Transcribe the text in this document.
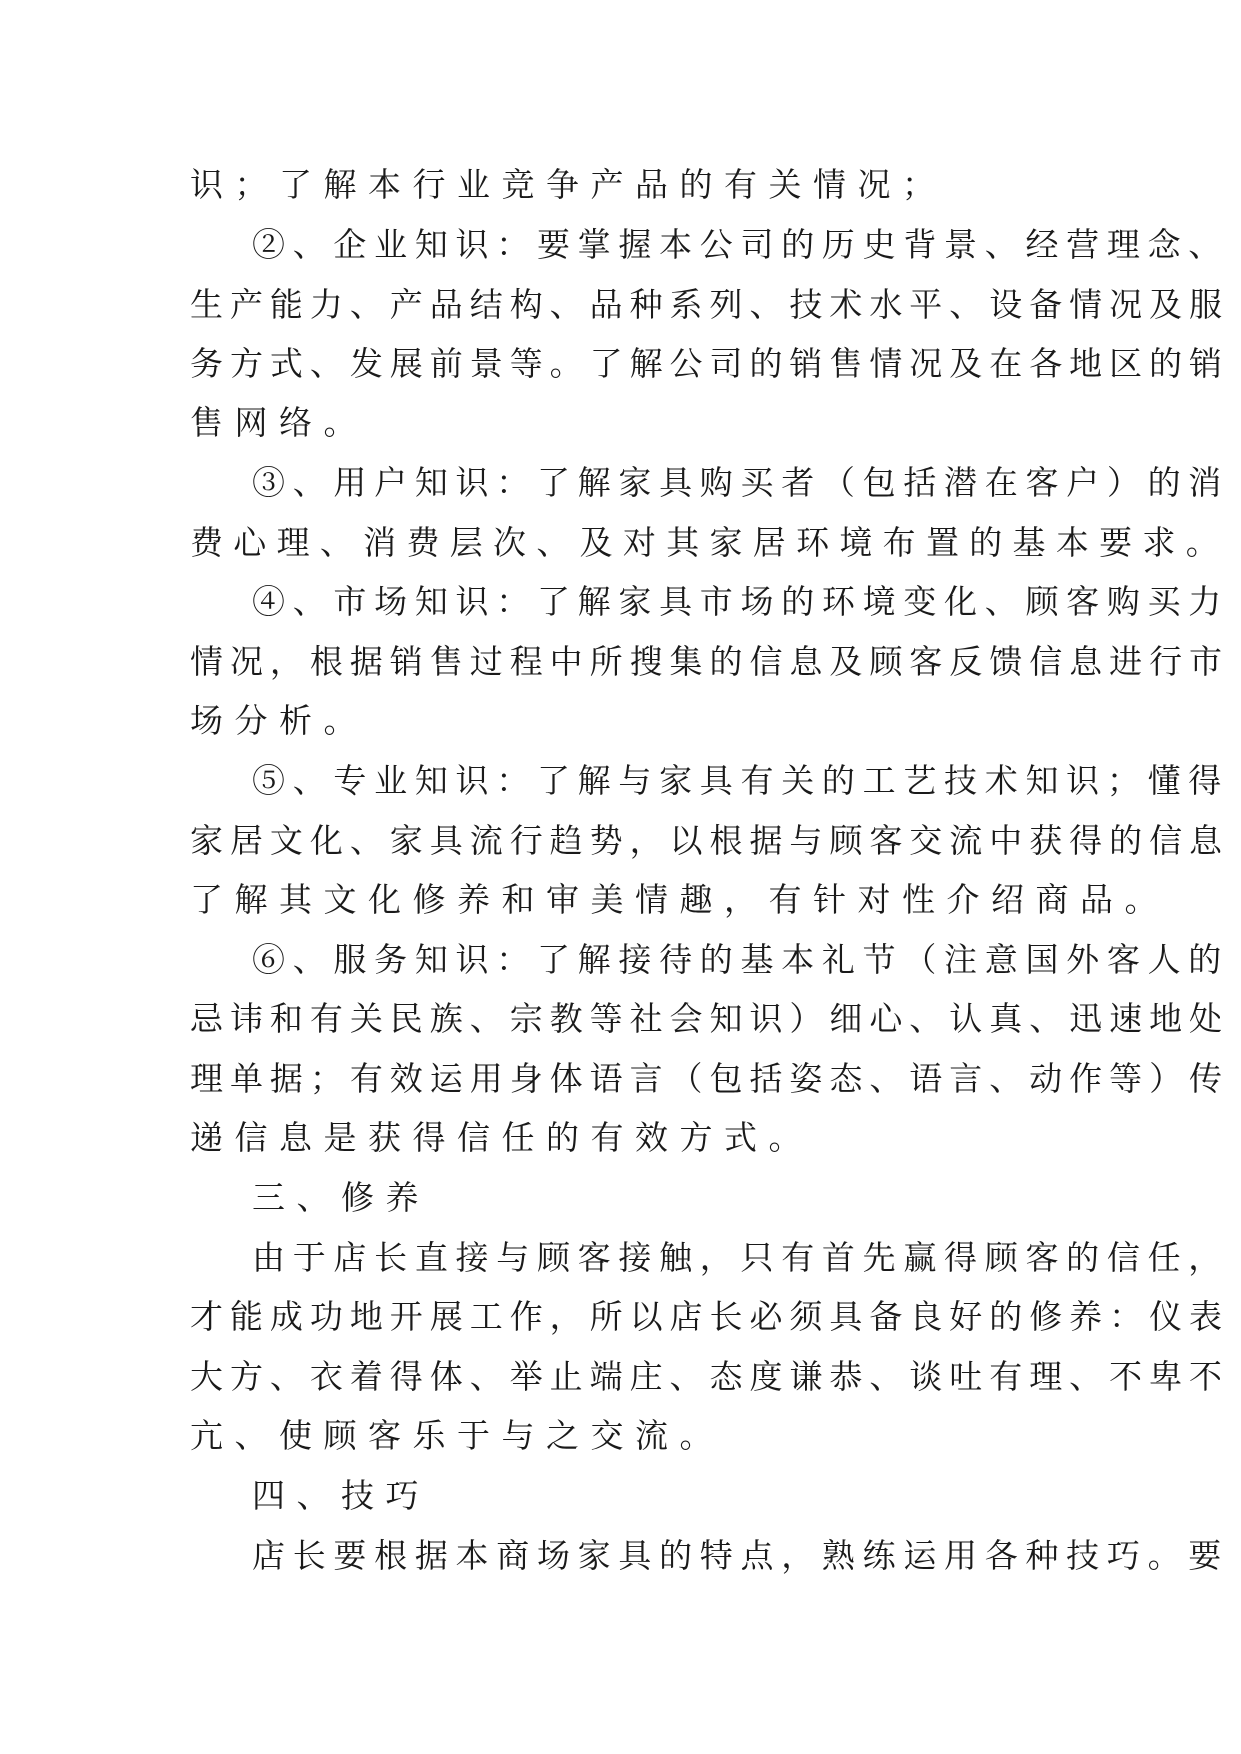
识；了解本行业竞争产品的有关情况；
②、企业知识：要掌握本公司的历史背景、经营理念、
生产能力、产品结构、品种系列、技术水平、设备情况及服
务方式、发展前景等。了解公司的销售情况及在各地区的销
售网络。
③、用户知识：了解家具购买者（包括潜在客户）的消
费心理、消费层次、及对其家居环境布置的基本要求。
④、市场知识：了解家具市场的环境变化、顾客购买力
情况，根据销售过程中所搜集的信息及顾客反馈信息进行市
场分析。
⑤、专业知识：了解与家具有关的工艺技术知识；懂得
家居文化、家具流行趋势，以根据与顾客交流中获得的信息
了解其文化修养和审美情趣，有针对性介绍商品。
⑥、服务知识：了解接待的基本礼节（注意国外客人的
忌讳和有关民族、宗教等社会知识）细心、认真、迅速地处
理单据；有效运用身体语言（包括姿态、语言、动作等）传
递信息是获得信任的有效方式。
三、修养
由于店长直接与顾客接触，只有首先赢得顾客的信任，
才能成功地开展工作，所以店长必须具备良好的修养：仪表
大方、衣着得体、举止端庄、态度谦恭、谈吐有理、不卑不
亢、使顾客乐于与之交流。
四、技巧
店长要根据本商场家具的特点，熟练运用各种技巧。要
